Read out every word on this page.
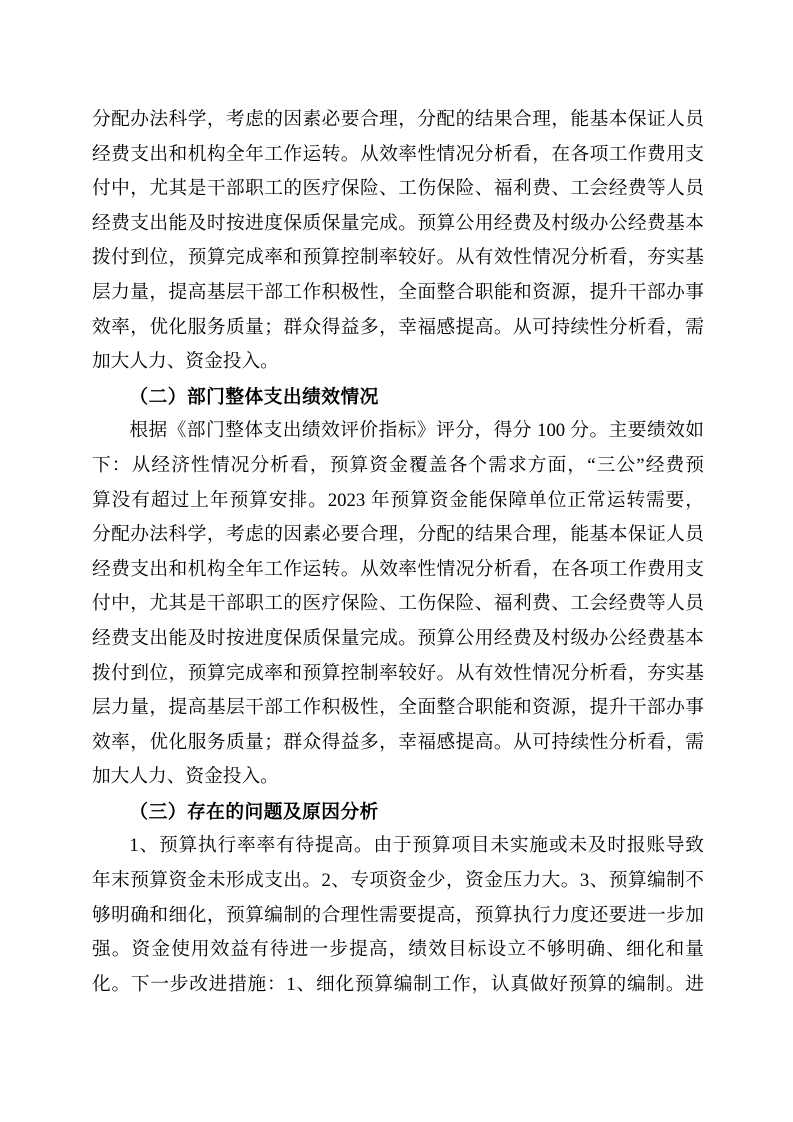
分配办法科学，考虑的因素必要合理，分配的结果合理，能基本保证人员
经费支出和机构全年工作运转。从效率性情况分析看，在各项工作费用支
付中，尤其是干部职工的医疗保险、工伤保险、福利费、工会经费等人员
经费支出能及时按进度保质保量完成。预算公用经费及村级办公经费基本
拨付到位，预算完成率和预算控制率较好。从有效性情况分析看，夯实基
层力量，提高基层干部工作积极性，全面整合职能和资源，提升干部办事
效率，优化服务质量；群众得益多，幸福感提高。从可持续性分析看，需
加大人力、资金投入。
（二）部门整体支出绩效情况
根据《部门整体支出绩效评价指标》评分，得分 100 分。主要绩效如
下：从经济性情况分析看，预算资金覆盖各个需求方面，“三公”经费预
算没有超过上年预算安排。2023 年预算资金能保障单位正常运转需要，
分配办法科学，考虑的因素必要合理，分配的结果合理，能基本保证人员
经费支出和机构全年工作运转。从效率性情况分析看，在各项工作费用支
付中，尤其是干部职工的医疗保险、工伤保险、福利费、工会经费等人员
经费支出能及时按进度保质保量完成。预算公用经费及村级办公经费基本
拨付到位，预算完成率和预算控制率较好。从有效性情况分析看，夯实基
层力量，提高基层干部工作积极性，全面整合职能和资源，提升干部办事
效率，优化服务质量；群众得益多，幸福感提高。从可持续性分析看，需
加大人力、资金投入。
（三）存在的问题及原因分析
1、预算执行率率有待提高。由于预算项目未实施或未及时报账导致
年末预算资金未形成支出。2、专项资金少，资金压力大。3、预算编制不
够明确和细化，预算编制的合理性需要提高，预算执行力度还要进一步加
强。资金使用效益有待进一步提高，绩效目标设立不够明确、细化和量
化。下一步改进措施：1、细化预算编制工作，认真做好预算的编制。进
